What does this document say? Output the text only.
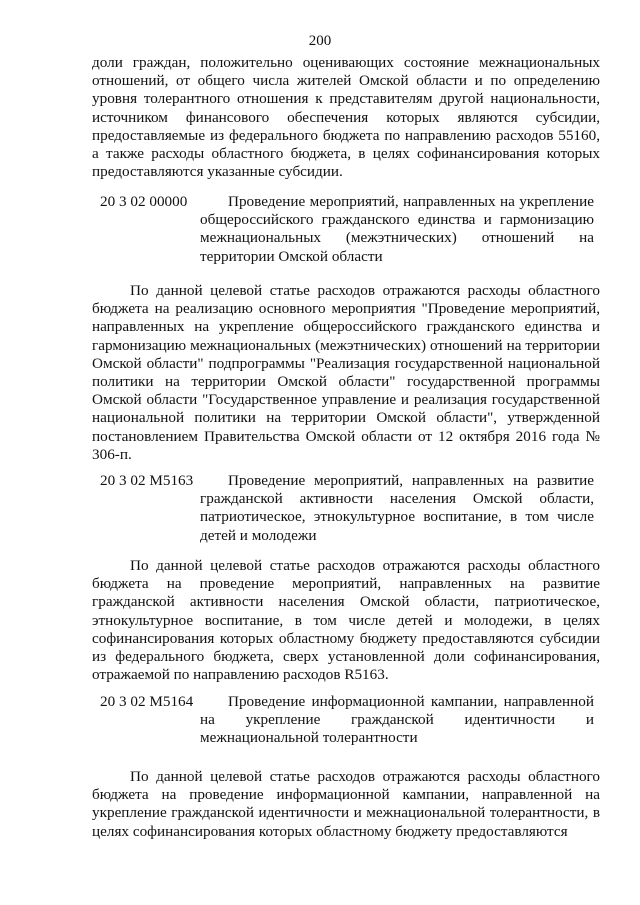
200

доли граждан, положительно оценивающих состояние межнациональных отношений, от общего числа жителей Омской области и по определению уровня толерантного отношения к представителям другой национальности, источником финансового обеспечения которых являются субсидии, предоставляемые из федерального бюджета по направлению расходов 55160, а также расходы областного бюджета, в целях софинансирования которых предоставляются указанные субсидии.

20 3 02 00000	Проведение мероприятий, направленных на укрепление общероссийского гражданского единства и гармонизацию межнациональных (межэтнических) отношений на территории Омской области

По данной целевой статье расходов отражаются расходы областного бюджета на реализацию основного мероприятия "Проведение мероприятий, направленных на укрепление общероссийского гражданского единства и гармонизацию межнациональных (межэтнических) отношений на территории Омской области" подпрограммы "Реализация государственной национальной политики на территории Омской области" государственной программы Омской области "Государственное управление и реализация государственной национальной политики на территории Омской области", утвержденной постановлением Правительства Омской области от 12 октября 2016 года № 306-п.

20 3 02 M5163	Проведение мероприятий, направленных на развитие гражданской активности населения Омской области, патриотическое, этнокультурное воспитание, в том числе детей и молодежи

По данной целевой статье расходов отражаются расходы областного бюджета на проведение мероприятий, направленных на развитие гражданской активности населения Омской области, патриотическое, этнокультурное воспитание, в том числе детей и молодежи, в целях софинансирования которых областному бюджету предоставляются субсидии из федерального бюджета, сверх установленной доли софинансирования, отражаемой по направлению расходов R5163.

20 3 02 M5164	Проведение информационной кампании, направленной на укрепление гражданской идентичности и межнациональной толерантности

По данной целевой статье расходов отражаются расходы областного бюджета на проведение информационной кампании, направленной на укрепление гражданской идентичности и межнациональной толерантности, в целях софинансирования которых областному бюджету предоставляются
